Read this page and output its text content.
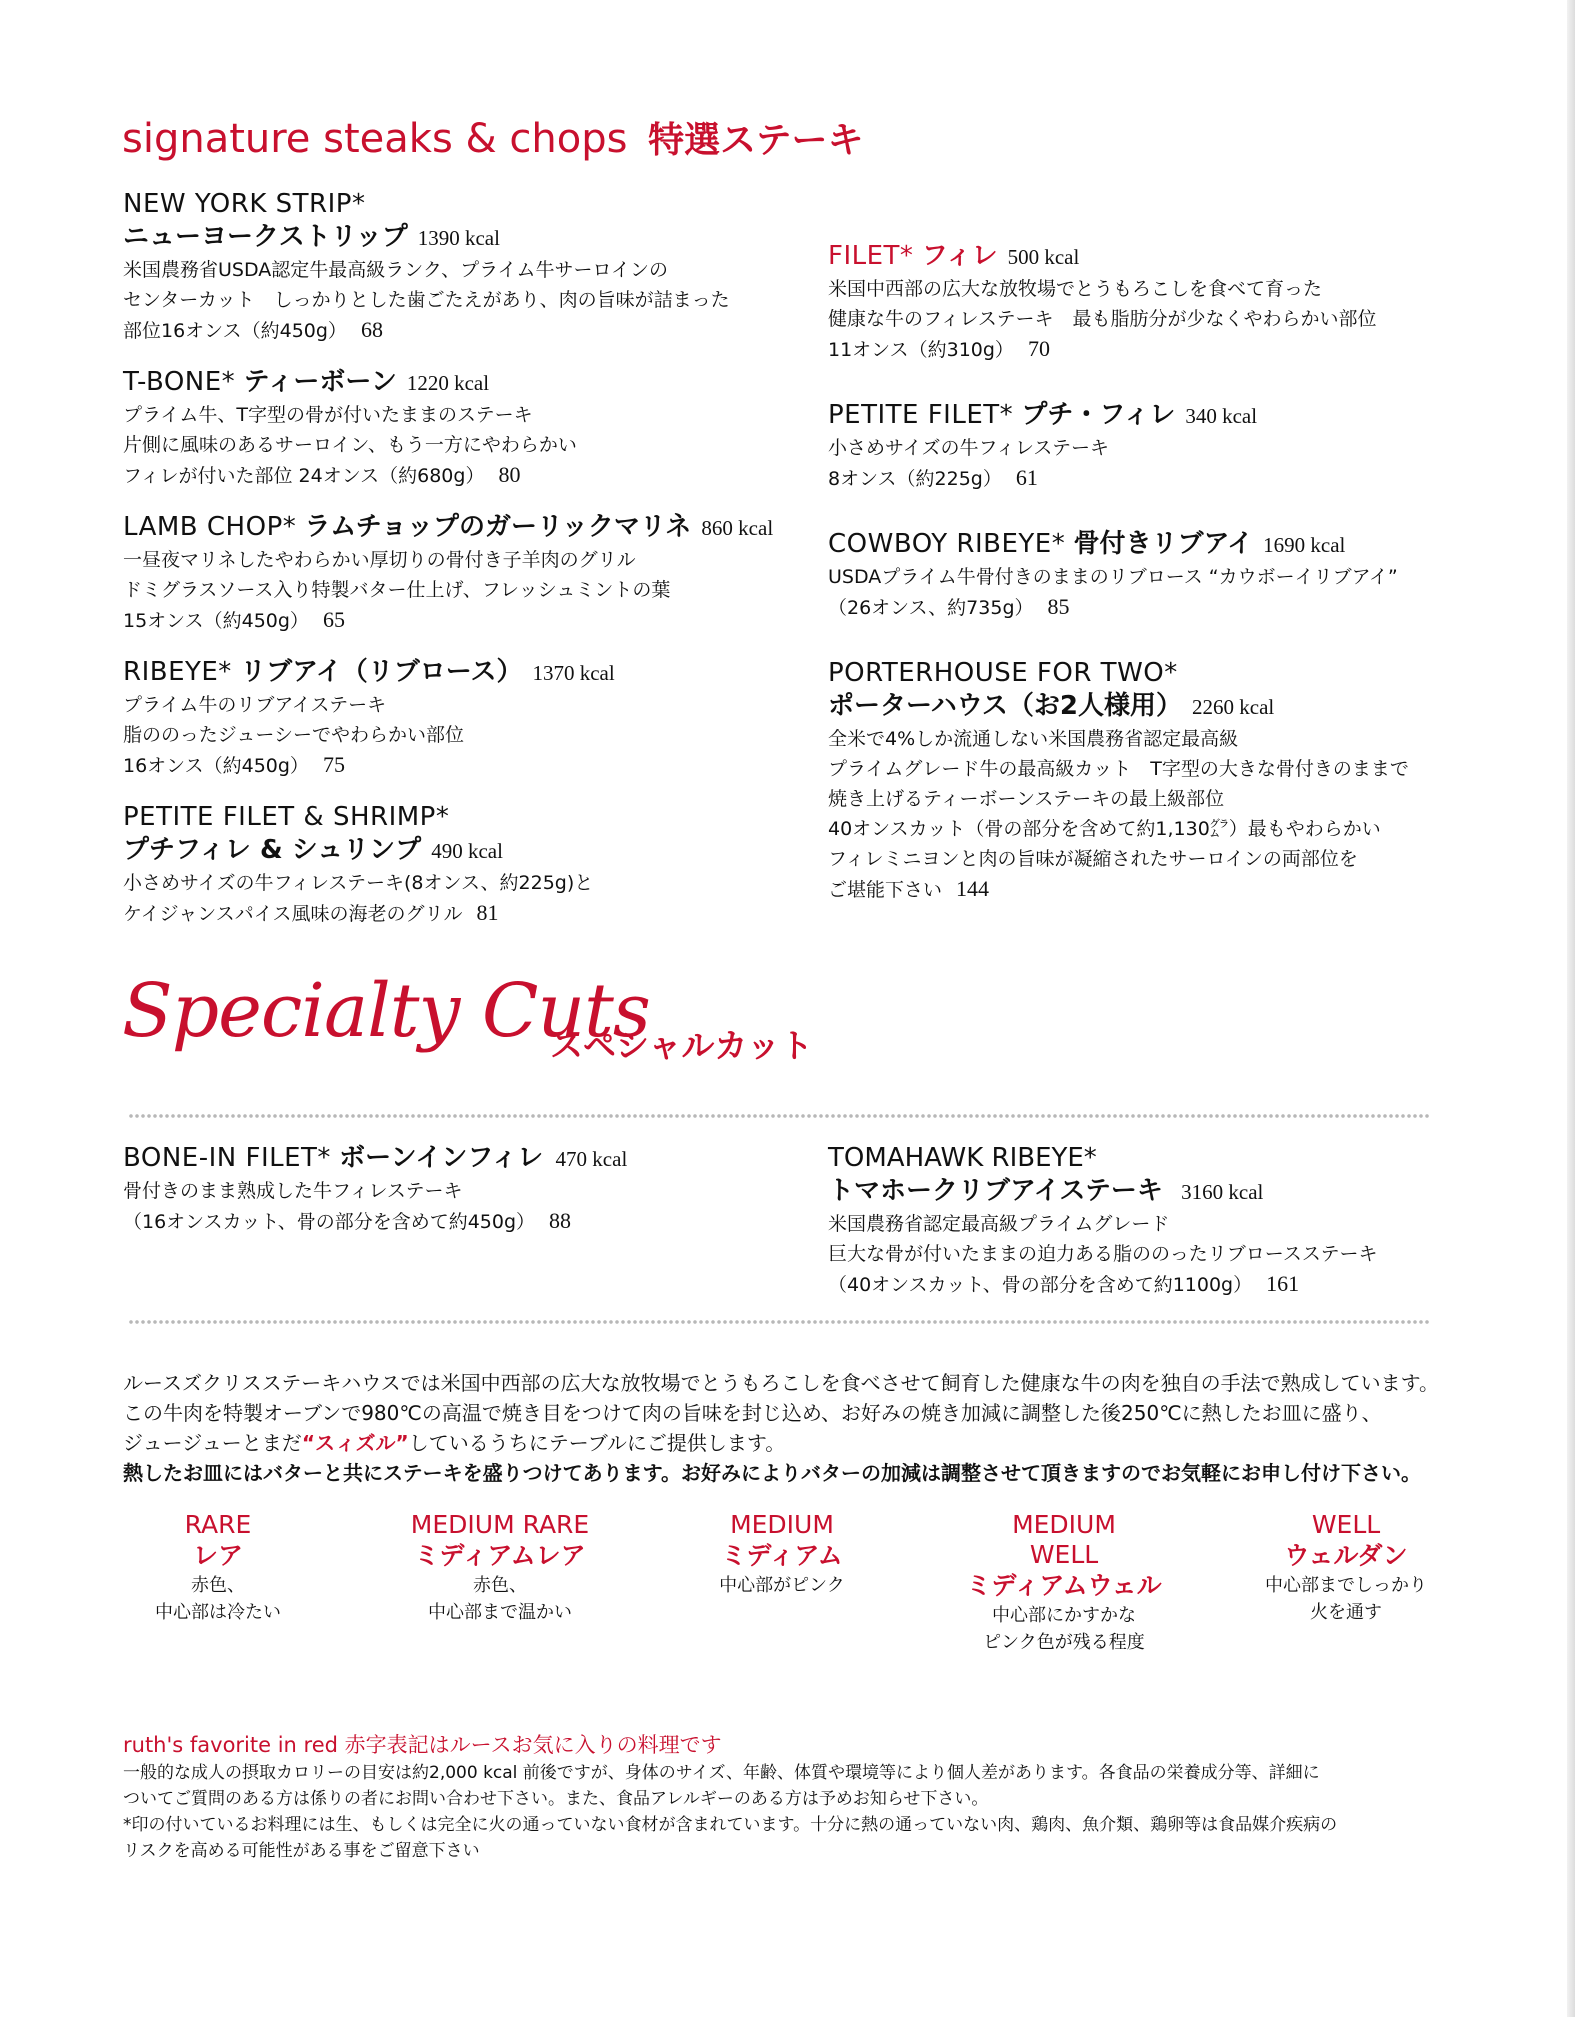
signature steaks & chops 特選ステーキ
NEW YORK STRIP*
ニューヨークストリップ 1390 kcal
米国農務省USDA認定牛最高級ランク、プライム牛サーロインの
センターカット　しっかりとした歯ごたえがあり、肉の旨味が詰まった
部位16オンス（約450g） 68
T-BONE* ティーボーン 1220 kcal
プライム牛、T字型の骨が付いたままのステーキ
片側に風味のあるサーロイン、もう一方にやわらかい
フィレが付いた部位 24オンス（約680g） 80
LAMB CHOP* ラムチョップのガーリックマリネ 860 kcal
一昼夜マリネしたやわらかい厚切りの骨付き子羊肉のグリル
ドミグラスソース入り特製バター仕上げ、フレッシュミントの葉
15オンス（約450g） 65
RIBEYE* リブアイ（リブロース） 1370 kcal
プライム牛のリブアイステーキ
脂ののったジューシーでやわらかい部位
16オンス（約450g） 75
PETITE FILET & SHRIMP*
プチフィレ & シュリンプ 490 kcal
小さめサイズの牛フィレステーキ(8オンス、約225g)と
ケイジャンスパイス風味の海老のグリル 81
FILET* フィレ 500 kcal
米国中西部の広大な放牧場でとうもろこしを食べて育った
健康な牛のフィレステーキ　最も脂肪分が少なくやわらかい部位
11オンス（約310g） 70
PETITE FILET* プチ・フィレ 340 kcal
小さめサイズの牛フィレステーキ
8オンス（約225g） 61
COWBOY RIBEYE* 骨付きリブアイ 1690 kcal
USDAプライム牛骨付きのままのリブロース “カウボーイリブアイ”
（26オンス、約735g） 85
PORTERHOUSE FOR TWO*
ポーターハウス（お2人様用） 2260 kcal
全米で4%しか流通しない米国農務省認定最高級
プライムグレード牛の最高級カット　T字型の大きな骨付きのままで
焼き上げるティーボーンステーキの最上級部位
40オンスカット（骨の部分を含めて約1,130㌘）最もやわらかい
フィレミニヨンと肉の旨味が凝縮されたサーロインの両部位を
ご堪能下さい 144
Specialty Cuts
スペシャルカット
BONE-IN FILET* ボーンインフィレ 470 kcal
骨付きのまま熟成した牛フィレステーキ
（16オンスカット、骨の部分を含めて約450g） 88
TOMAHAWK RIBEYE*
トマホークリブアイステーキ 3160 kcal
米国農務省認定最高級プライムグレード
巨大な骨が付いたままの迫力ある脂ののったリブロースステーキ
（40オンスカット、骨の部分を含めて約1100g） 161

ルースズクリスステーキハウスでは米国中西部の広大な放牧場でとうもろこしを食べさせて飼育した健康な牛の肉を独自の手法で熟成しています。

この牛肉を特製オーブンで980℃の高温で焼き目をつけて肉の旨味を封じ込め、お好みの焼き加減に調整した後250℃に熱したお皿に盛り、

ジュージューとまだ“スィズル”しているうちにテーブルにご提供します。

熱したお皿にはバターと共にステーキを盛りつけてあります。お好みによりバターの加減は調整させて頂きますのでお気軽にお申し付け下さい。

RARE
レア
赤色、
中心部は冷たい
MEDIUM RARE
ミディアムレア
赤色、
中心部まで温かい
MEDIUM
ミディアム
中心部がピンク
MEDIUM
WELL
ミディアムウェル
中心部にかすかな
ピンク色が残る程度
WELL
ウェルダン
中心部までしっかり
火を通す

ruth's favorite in red 赤字表記はルースお気に入りの料理です

一般的な成人の摂取カロリーの目安は約2,000 kcal 前後ですが、身体のサイズ、年齢、体質や環境等により個人差があります。各食品の栄養成分等、詳細に

ついてご質問のある方は係りの者にお問い合わせ下さい。また、食品アレルギーのある方は予めお知らせ下さい。

*印の付いているお料理には生、もしくは完全に火の通っていない食材が含まれています。十分に熱の通っていない肉、鶏肉、魚介類、鶏卵等は食品媒介疾病の

リスクを高める可能性がある事をご留意下さい
